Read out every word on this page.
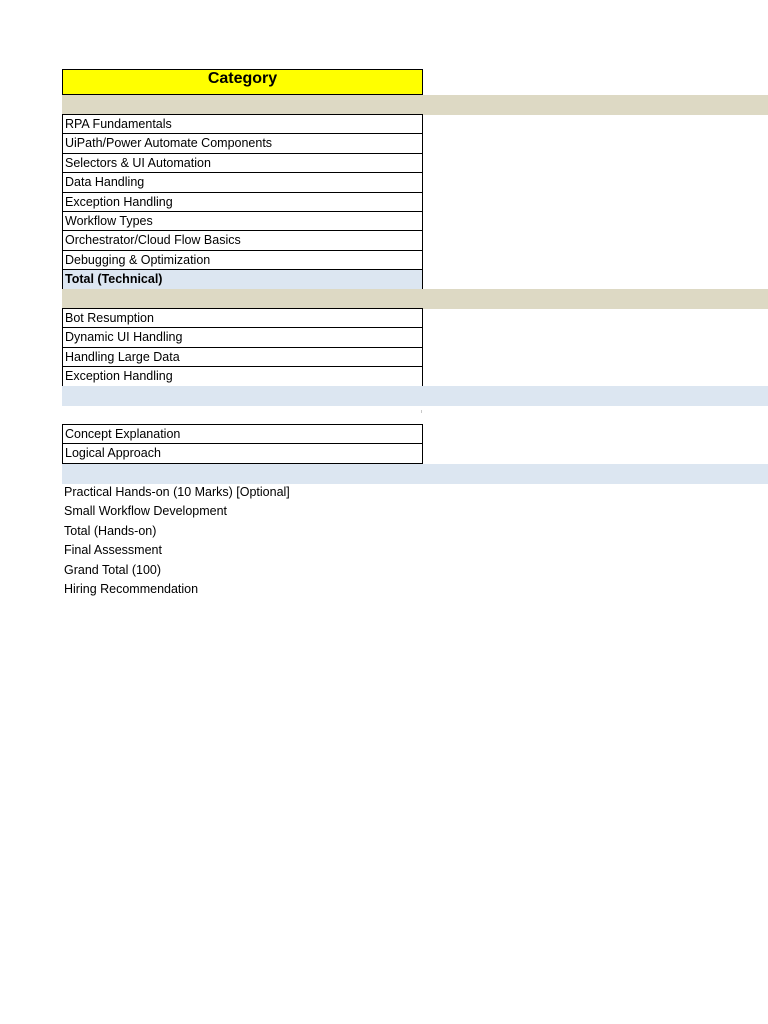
Category
RPA Fundamentals
UiPath/Power Automate Components
Selectors & UI Automation
Data Handling
Exception Handling
Workflow Types
Orchestrator/Cloud Flow Basics
Debugging & Optimization
Total (Technical)
Bot Resumption
Dynamic UI Handling
Handling Large Data
Exception Handling
Concept Explanation
Logical Approach
Practical Hands-on (10 Marks) [Optional]
Small Workflow Development
Total (Hands-on)
Final Assessment
Grand Total (100)
Hiring Recommendation
